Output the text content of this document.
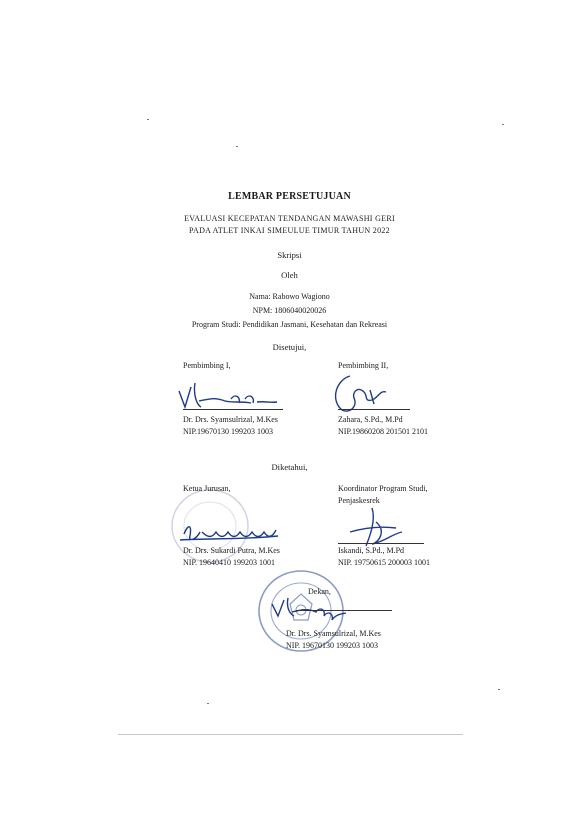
LEMBAR PERSETUJUAN
EVALUASI KECEPATAN TENDANGAN MAWASHI GERI
PADA ATLET INKAI SIMEULUE TIMUR TAHUN 2022
Skripsi
Oleh
Nama: Rabowo Wagiono
NPM: 1806040020026
Program Studi: Pendidikan Jasmani, Kesehatan dan Rekreasi
Disetujui,
Pembimbing I,
Dr. Drs. Syamsulrizal, M.Kes
NIP.19670130 199203 1003
Pembimbing II,
Zahara, S.Pd., M.Pd
NIP.19860208 201501 2101
Diketahui,
Ketua Jurusan,
Dr. Drs. Sukardi Putra, M.Kes
NIP. 19640410 199203 1001
Koordinator Program Studi,
Penjaskesrek
Iskandi, S.Pd., M.Pd
NIP. 19750615 200003 1001
Dekan,
Dr. Drs. Syamsulrizal, M.Kes
NIP. 19670130 199203 1003
